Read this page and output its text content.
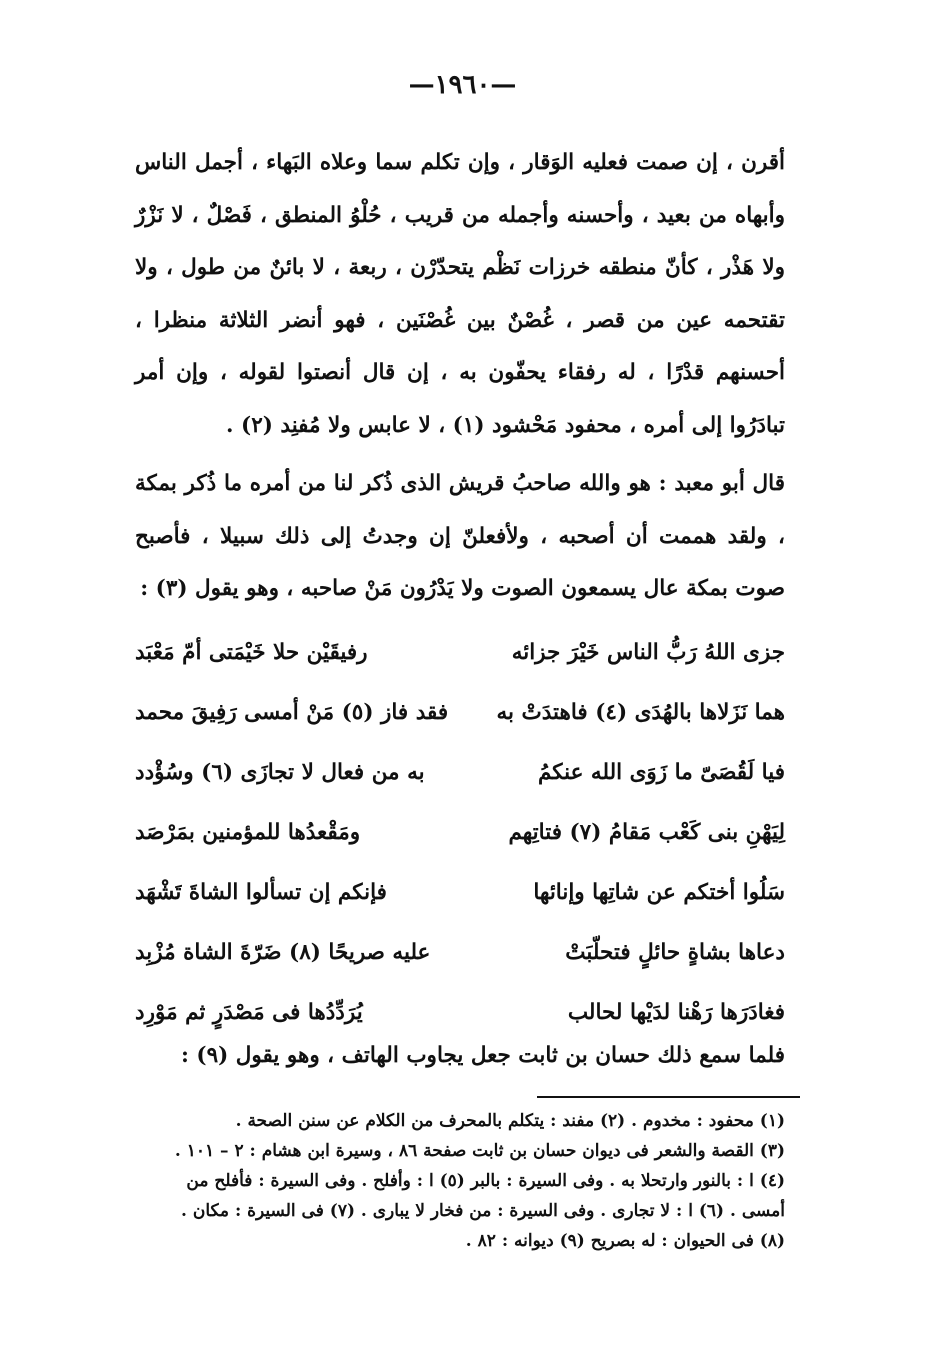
—١٩٦٠—
أقرن ، إن صمت فعليه الوَقار ، وإن تكلم سما وعلاه البَهاء ، أجمل الناس وأبهاه من بعيد ، وأحسنه وأجمله من قريب ، حُلْوُ المنطق ، فَصْلٌ ، لا نَزْرٌ ولا هَذْر ، كأنّ منطقه خرزات نَظْم يتحدّرْن ، ربعة ، لا بائنٌ من طول ، ولا تقتحمه عين من قصر ، غُصْنٌ بين غُصْنَين ، فهو أنضر الثلاثة منظرا ، أحسنهم قدْرًا ، له رفقاء يحفّون به ، إن قال أنصتوا لقوله ، وإن أمر تبادَرُوا إلى أمره ، محفود مَحْشود (١) ، لا عابس ولا مُفنِد (٢) .
قال أبو معبد : هو والله صاحبُ قريش الذى ذُكر لنا من أمره ما ذُكر بمكة ، ولقد هممت أن أصحبه ، ولأفعلنّ إن وجدتُ إلى ذلك سبيلا ، فأصبح صوت بمكة عال يسمعون الصوت ولا يَدْرُون مَنْ صاحبه ، وهو يقول (٣) :
جزى اللهُ رَبُّ الناس خَيْرَ جزائه
رفيقَيْن حلا خَيْمَتى أمّ مَعْبَد
هما نَزَلاها بالهُدَى (٤) فاهتدَتْ به
فقد فاز (٥) مَنْ أمسى رَفِيقَ محمد
فيا لَقُصَىّ ما زَوَى الله عنكمُ
به من فعال لا تجازَى (٦) وسُؤْدد
لِيَهْنِ بنى كَعْب مَقامُ (٧) فتاتِهم
ومَقْعدُها للمؤمنين بمَرْصَد
سَلُوا أختكم عن شاتِها وإنائها
فإنكم إن تسألوا الشاةَ تَشْهَد
دعاها بشاةٍ حائلٍ فتحلّبَتْ
عليه صريحًا (٨) ضَرّةَ الشاة مُزْبِد
فغادَرَها رَهْنا لدَيْها لحالب
يُرَدِّدُها فى مَصْدَرٍ ثم مَوْرِد
فلما سمع ذلك حسان بن ثابت جعل يجاوب الهاتف ، وهو يقول (٩) :
(١) محفود : مخدوم . (٢) مفند : يتكلم بالمحرف من الكلام عن سنن الصحة .
(٣) القصة والشعر فى ديوان حسان بن ثابت صفحة ٨٦ ، وسيرة ابن هشام : ٢ – ١٠١ .
(٤) ا : بالنور وارتحلا به . وفى السيرة : بالبر (٥) ا : وأفلح . وفى السيرة : فأفلح من
أمسى . (٦) ا : لا تجارى . وفى السيرة : من فخار لا يبارى . (٧) فى السيرة : مكان .
(٨) فى الحيوان : له بصريح (٩) ديوانه : ٨٢ .
